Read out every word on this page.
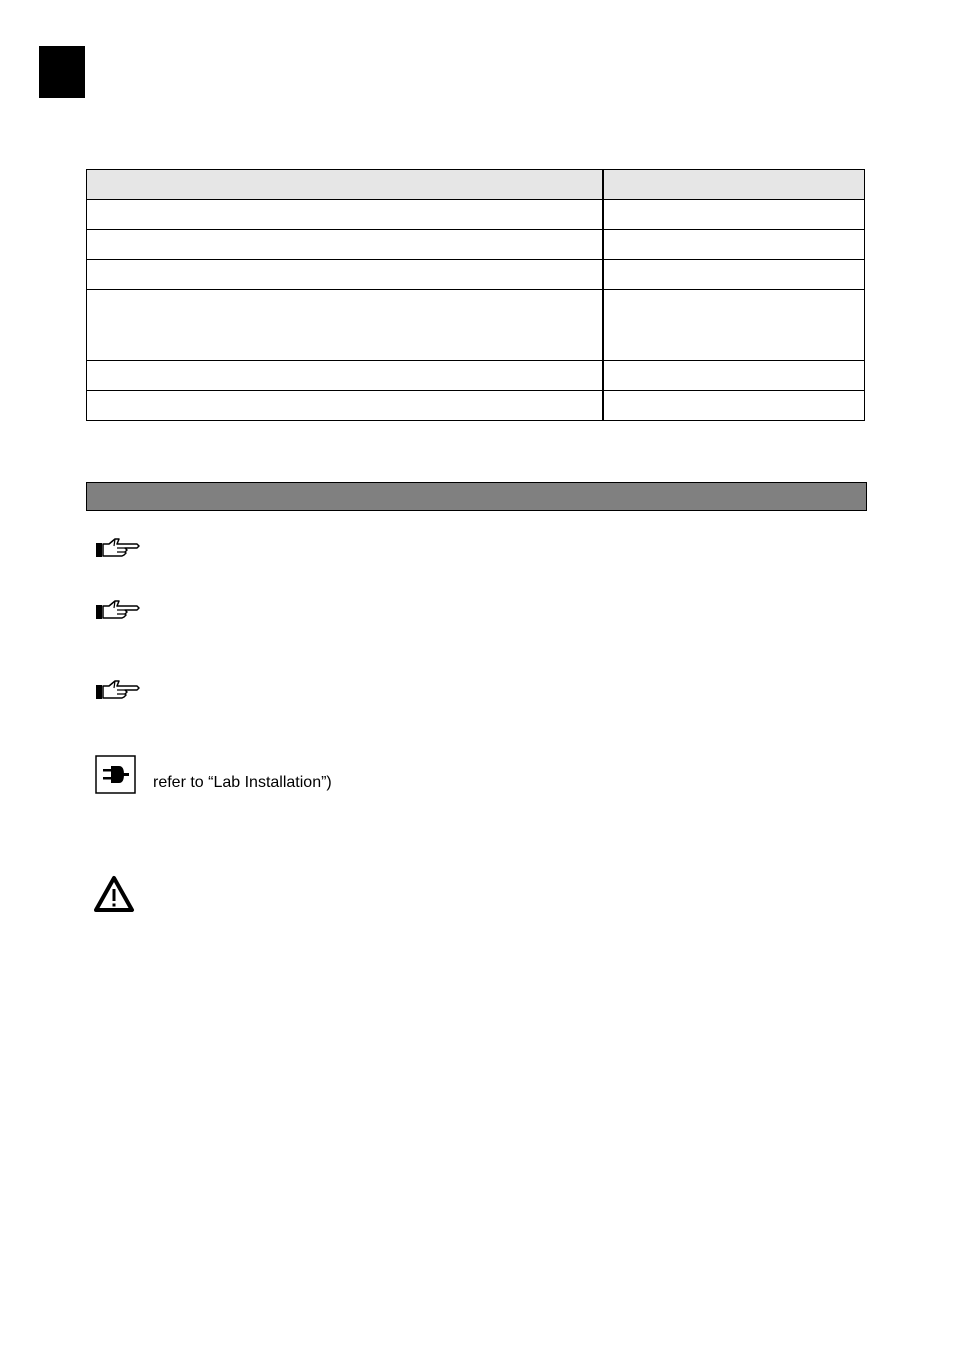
refer to “Lab Installation”)
